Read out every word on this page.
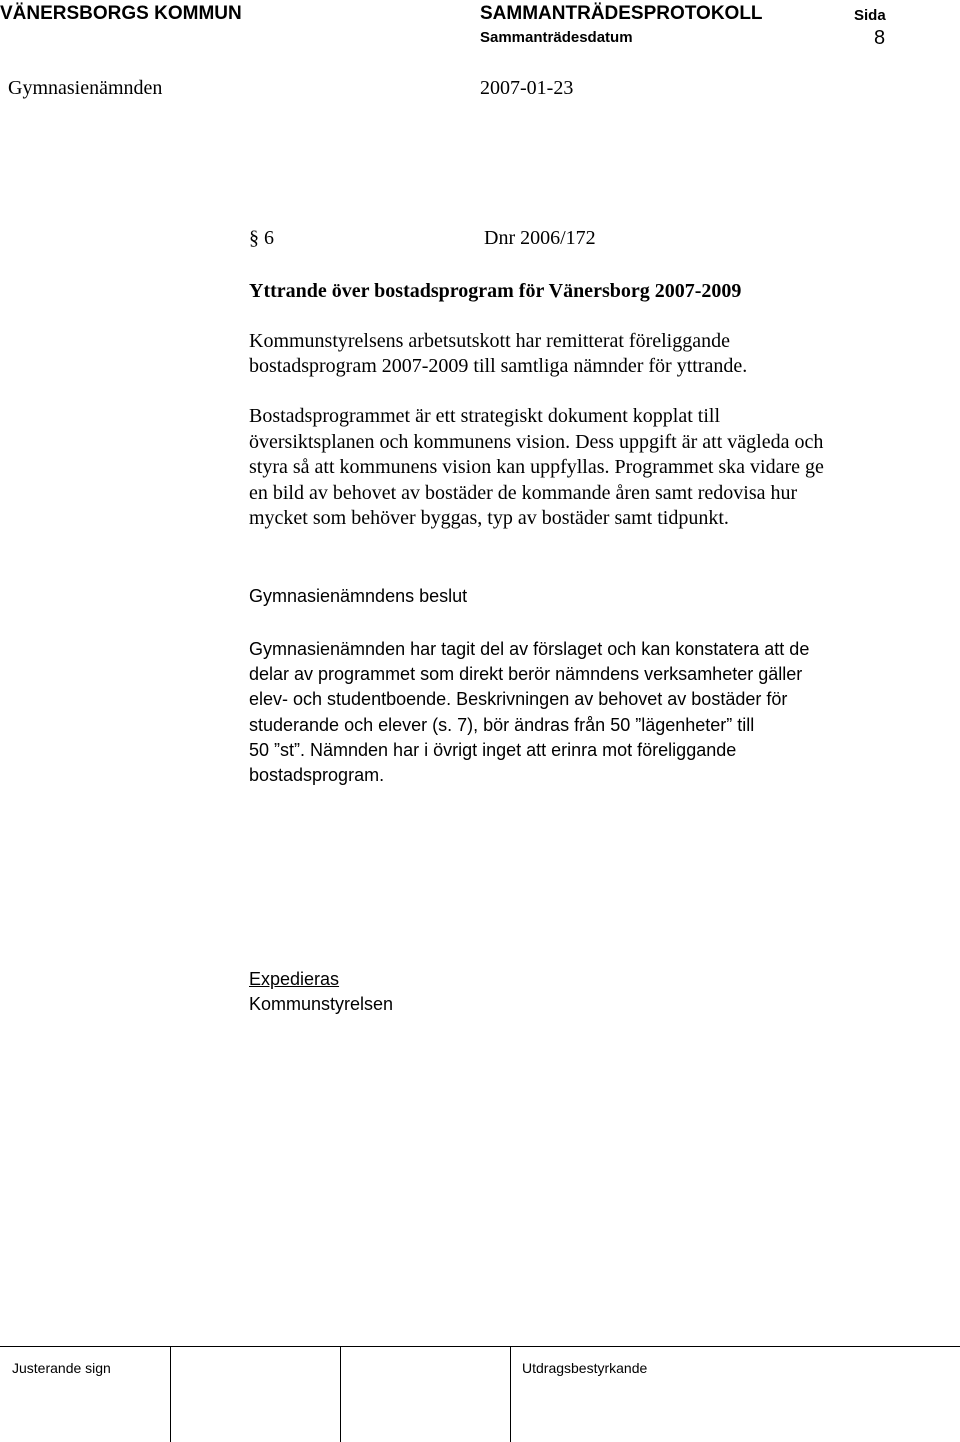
VÄNERSBORGS KOMMUN	SAMMANTRÄDESPROTOKOLL	Sida
Sammanträdesdatum	8
Gymnasienämnden	2007-01-23
§ 6	Dnr 2006/172
Yttrande över bostadsprogram för Vänersborg 2007-2009
Kommunstyrelsens arbetsutskott har remitterat föreliggande
bostadsprogram 2007-2009 till samtliga nämnder för yttrande.
Bostadsprogrammet är ett strategiskt dokument kopplat till
översiktsplanen och kommunens vision. Dess uppgift är att vägleda och
styra så att kommunens vision kan uppfyllas. Programmet ska vidare ge
en bild av behovet av bostäder de kommande åren samt redovisa hur
mycket som behöver byggas, typ av bostäder samt tidpunkt.
Gymnasienämndens beslut
Gymnasienämnden har tagit del av förslaget och kan konstatera att de
delar av programmet som direkt berör nämndens verksamheter gäller
elev- och studentboende. Beskrivningen av behovet av bostäder för
studerande och elever (s. 7), bör ändras från 50 ”lägenheter” till
50 ”st”. Nämnden har i övrigt inget att erinra mot föreliggande
bostadsprogram.
Expedieras
Kommunstyrelsen
Justerande sign	Utdragsbestyrkande
